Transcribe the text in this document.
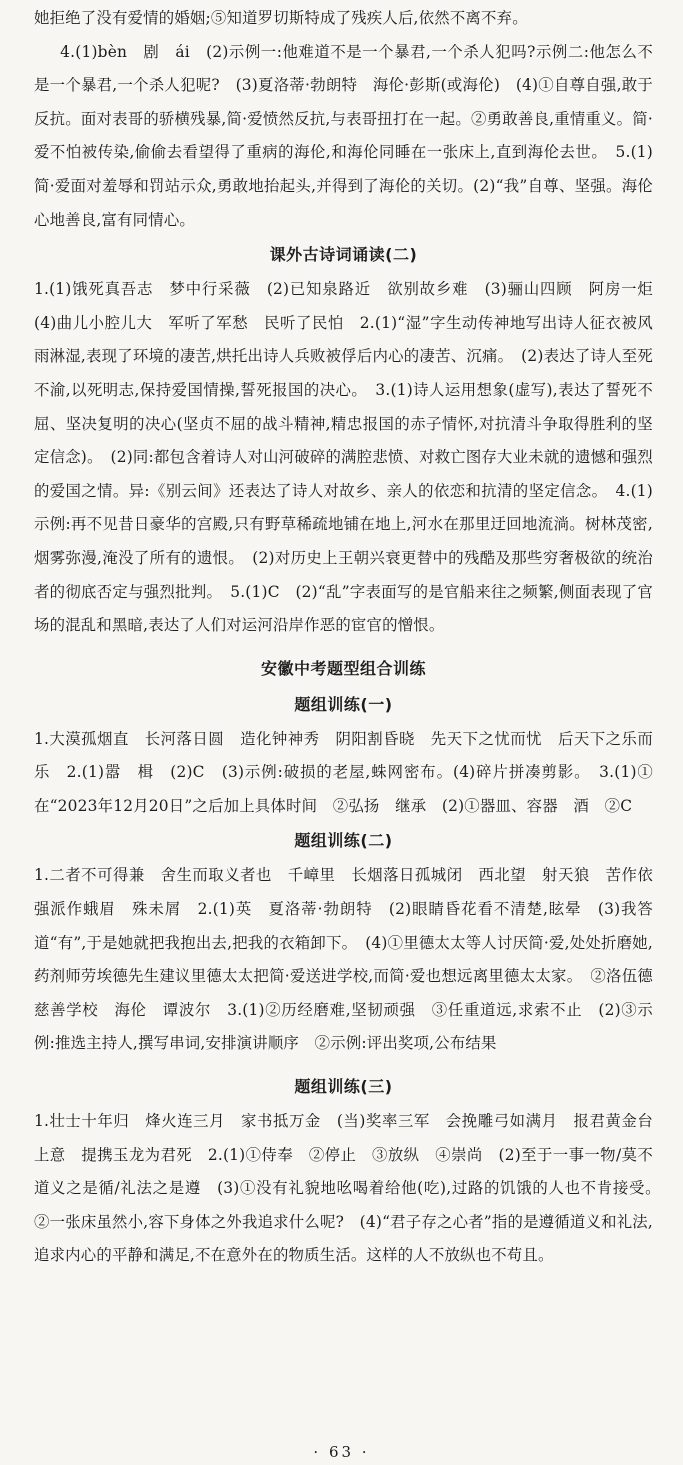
她拒绝了没有爱情的婚姻;⑤知道罗切斯特成了残疾人后,依然不离不弃。

4.(1)bèn　剧　ái　(2)示例一:他难道不是一个暴君,一个杀人犯吗?示例二:他怎么不是一个暴君,一个杀人犯呢?　(3)夏洛蒂·勃朗特　海伦·彭斯(或海伦)　(4)①自尊自强,敢于反抗。面对表哥的骄横残暴,简·爱愤然反抗,与表哥扭打在一起。②勇敢善良,重情重义。简·爱不怕被传染,偷偷去看望得了重病的海伦,和海伦同睡在一张床上,直到海伦去世。　5.(1)简·爱面对羞辱和罚站示众,勇敢地抬起头,并得到了海伦的关切。(2)“我”自尊、坚强。海伦心地善良,富有同情心。

课外古诗词诵读(二)

1.(1)饿死真吾志　梦中行采薇　(2)已知泉路近　欲别故乡难　(3)骊山四顾　阿房一炬　(4)曲儿小腔儿大　军听了军愁　民听了民怕　2.(1)“湿”字生动传神地写出诗人征衣被风雨淋湿,表现了环境的凄苦,烘托出诗人兵败被俘后内心的凄苦、沉痛。　(2)表达了诗人至死不渝,以死明志,保持爱国情操,誓死报国的决心。　3.(1)诗人运用想象(虚写),表达了誓死不屈、坚决复明的决心(坚贞不屈的战斗精神,精忠报国的赤子情怀,对抗清斗争取得胜利的坚定信念)。　(2)同:都包含着诗人对山河破碎的满腔悲愤、对救亡图存大业未就的遗憾和强烈的爱国之情。异:《别云间》还表达了诗人对故乡、亲人的依恋和抗清的坚定信念。　4.(1)示例:再不见昔日豪华的宫殿,只有野草稀疏地铺在地上,河水在那里迂回地流淌。树林茂密,烟雾弥漫,淹没了所有的遗恨。　(2)对历史上王朝兴衰更替中的残酷及那些穷奢极欲的统治者的彻底否定与强烈批判。　5.(1)C　(2)“乱”字表面写的是官船来往之频繁,侧面表现了官场的混乱和黑暗,表达了人们对运河沿岸作恶的宦官的憎恨。

安徽中考题型组合训练
题组训练(一)

1.大漠孤烟直　长河落日圆　造化钟神秀　阴阳割昏晓　先天下之忧而忧　后天下之乐而乐　2.(1)嚣　楫　(2)C　(3)示例:破损的老屋,蛛网密布。(4)碎片拼凑剪影。　3.(1)①在“2023年12月20日”之后加上具体时间　②弘扬　继承　(2)①器皿、容器　酒　②C

题组训练(二)

1.二者不可得兼　舍生而取义者也　千嶂里　长烟落日孤城闭　西北望　射天狼　苦作依强派作蛾眉　殊未屑　2.(1)英　夏洛蒂·勃朗特　(2)眼睛昏花看不清楚,眩晕　(3)我答道“有”,于是她就把我抱出去,把我的衣箱卸下。　(4)①里德太太等人讨厌简·爱,处处折磨她,药剂师劳埃德先生建议里德太太把简·爱送进学校,而简·爱也想远离里德太太家。　②洛伍德慈善学校　海伦　谭波尔　3.(1)②历经磨难,坚韧顽强　③任重道远,求索不止　(2)③示例:推选主持人,撰写串词,安排演讲顺序　②示例:评出奖项,公布结果

题组训练(三)

1.壮士十年归　烽火连三月　家书抵万金　(当)奖率三军　会挽雕弓如满月　报君黄金台上意　提携玉龙为君死　2.(1)①侍奉　②停止　③放纵　④崇尚　(2)至于一事一物/莫不道义之是循/礼法之是遵　(3)①没有礼貌地吆喝着给他(吃),过路的饥饿的人也不肯接受。　②一张床虽然小,容下身体之外我追求什么呢?　(4)“君子存之心者”指的是遵循道义和礼法,追求内心的平静和满足,不在意外在的物质生活。这样的人不放纵也不苟且。

· 63 ·
